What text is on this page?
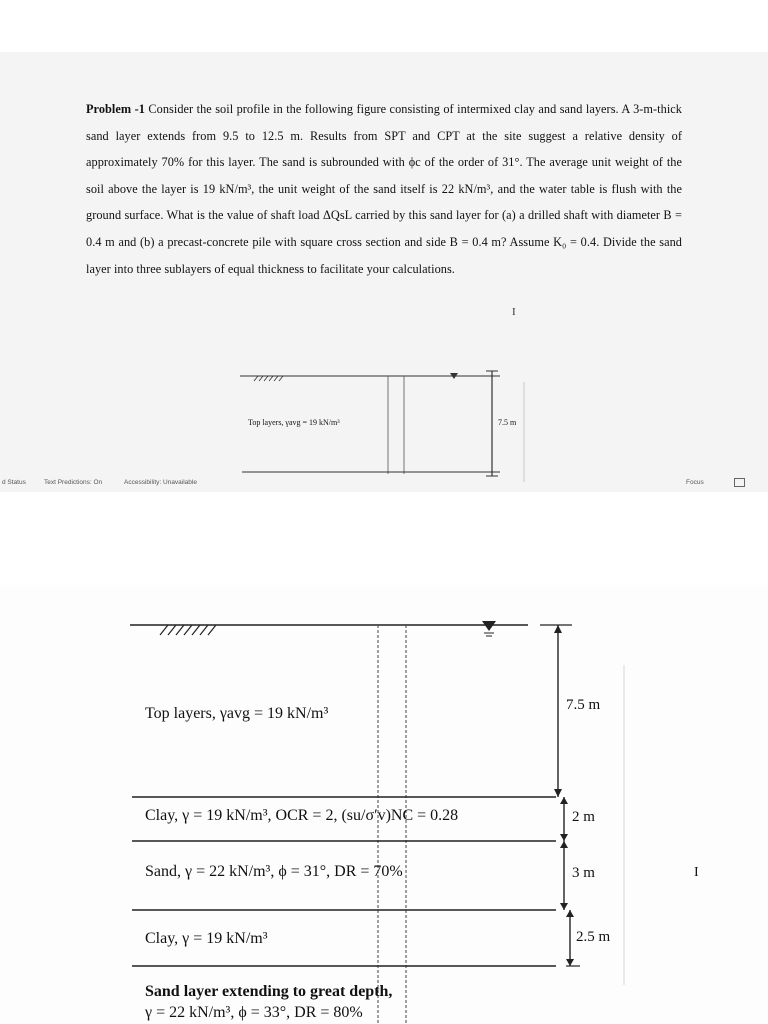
Problem -1 Consider the soil profile in the following figure consisting of intermixed clay and sand layers. A 3-m-thick sand layer extends from 9.5 to 12.5 m. Results from SPT and CPT at the site suggest a relative density of approximately 70% for this layer. The sand is subrounded with ϕc of the order of 31°. The average unit weight of the soil above the layer is 19 kN/m³, the unit weight of the sand itself is 22 kN/m³, and the water table is flush with the ground surface. What is the value of shaft load ΔQsL carried by this sand layer for (a) a drilled shaft with diameter B = 0.4 m and (b) a precast-concrete pile with square cross section and side B = 0.4 m? Assume K₀ = 0.4. Divide the sand layer into three sublayers of equal thickness to facilitate your calculations.
I
Top layers, γavg = 19 kN/m³	7.5 m
d Status	Text Predictions: On	Accessibility: Unavailable	Focus
Top layers, γavg = 19 kN/m³
Clay, γ = 19 kN/m³, OCR = 2, (su/σ′v)NC = 0.28
Sand, γ = 22 kN/m³, ϕ = 31°, DR = 70%
Clay, γ = 19 kN/m³
Sand layer extending to great depth,
γ = 22 kN/m³, ϕ = 33°, DR = 80%
7.5 m
2 m
3 m
2.5 m
I
